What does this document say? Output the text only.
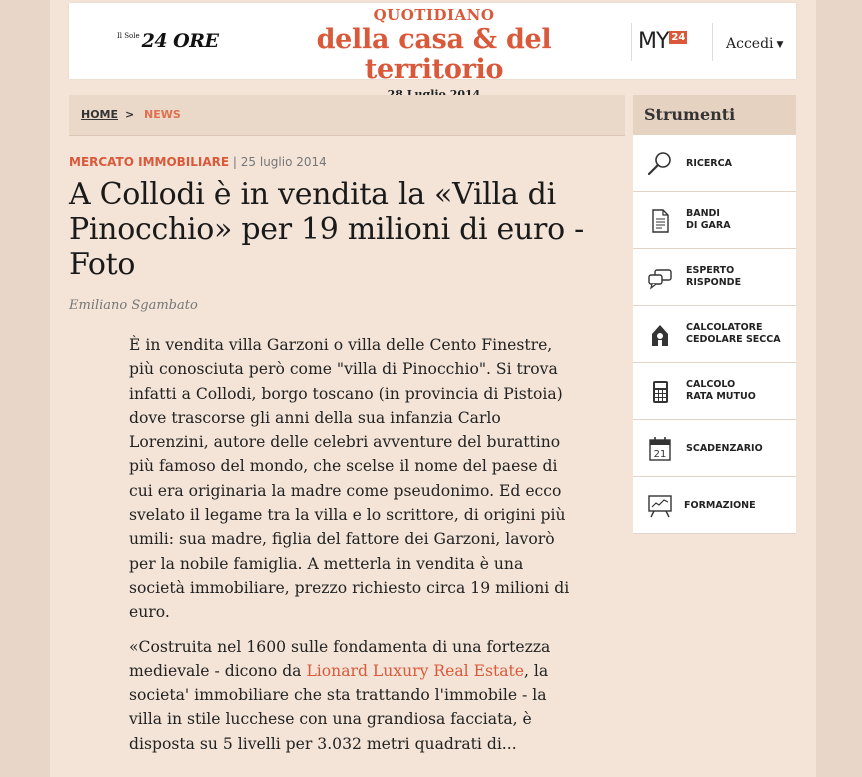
$^{Il Sole}$ 24 ORE
QUOTIDIANO
della casa & del territorio
MY 24	Accedi ▼
HOME > NEWS
MERCATO IMMOBILIARE | 25 luglio 2014
A Collodi è in vendita la «Villa di Pinocchio» per 19 milioni di euro - Foto
Emiliano Sgambato

È in vendita villa Garzoni o villa delle Cento Finestre, più conosciuta però come "villa di Pinocchio". Si trova infatti a Collodi, borgo toscano (in provincia di Pistoia) dove trascorse gli anni della sua infanzia Carlo Lorenzini, autore delle celebri avventure del burattino più famoso del mondo, che scelse il nome del paese di cui era originaria la madre come pseudonimo. Ed ecco svelato il legame tra la villa e lo scrittore, di origini più umili: sua madre, figlia del fattore dei Garzoni, lavorò per la nobile famiglia. A metterla in vendita è una società immobiliare, prezzo richiesto circa 19 milioni di euro.

«Costruita nel 1600 sulle fondamenta di una fortezza medievale - dicono da Lionard Luxury Real Estate, la societa' immobiliare che sta trattando l'immobile - la villa in stile lucchese con una grandiosa facciata, è disposta su 5 livelli per 3.032 metri quadrati di...

Strumenti
RICERCA
BANDI
DI GARA
ESPERTO
RISPONDE
CALCOLATORE
CEDOLARE SECCA
CALCOLO
RATA MUTUO
21
SCADENZARIO
FORMAZIONE
